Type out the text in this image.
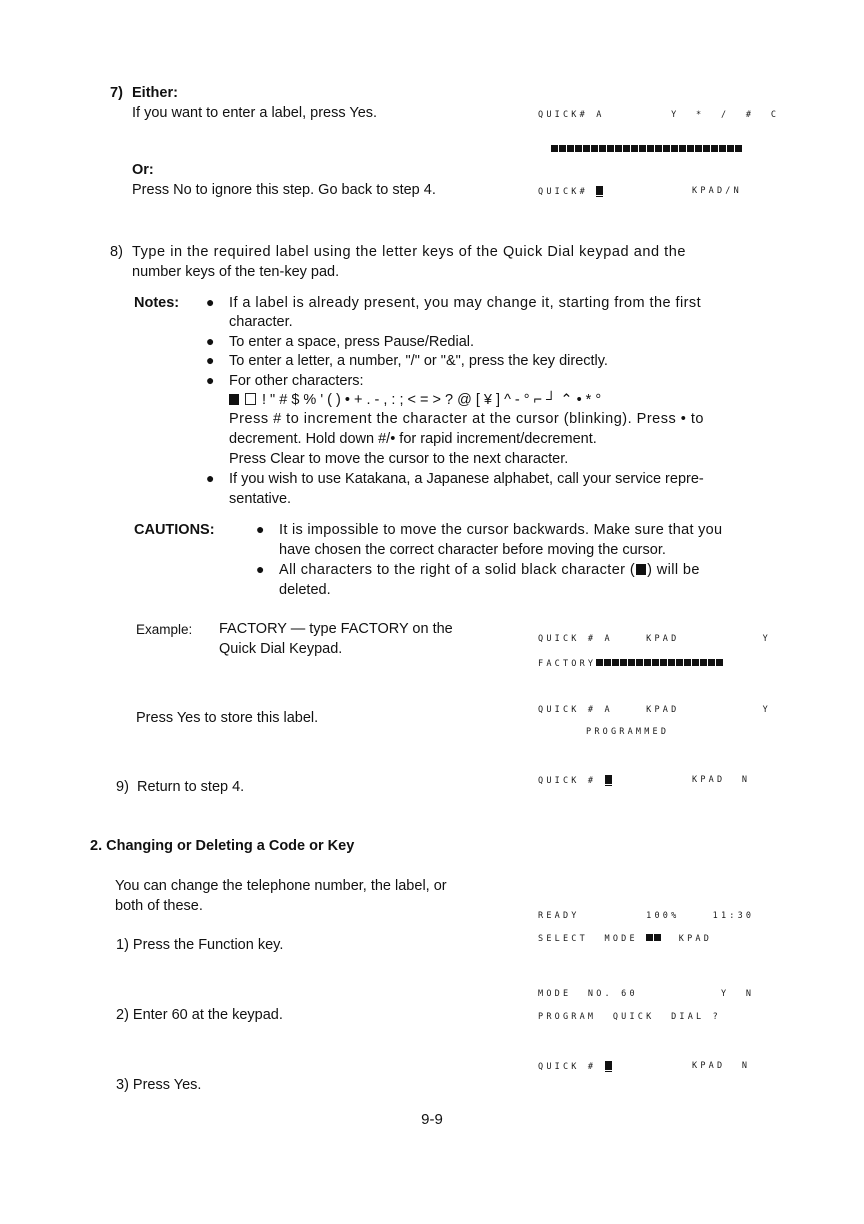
7) Either:
If you want to enter a label, press Yes.	QUICK# A        Y  *  /  #  C

Or:
Press No to ignore this step. Go back to step 4.	QUICK#	KPAD/N
8) Type in the required label using the letter keys of the Quick Dial keypad and the
number keys of the ten-key pad.
Notes: ● If a label is already present, you may change it, starting from the first
character.
● To enter a space, press Pause/Redial.
● To enter a letter, a number, "/" or "&", press the key directly.
● For other characters:
! " # $ % ' ( ) • + . - , : ; < = > ? @ [ ¥ ] ^ - ° ⌐ ┘ ⌃ • * °
Press # to increment the character at the cursor (blinking). Press • to
decrement. Hold down #/• for rapid increment/decrement.
Press Clear to move the cursor to the next character.
● If you wish to use Katakana, a Japanese alphabet, call your service repre-
sentative.
CAUTIONS:	● It is impossible to move the cursor backwards. Make sure that you
have chosen the correct character before moving the cursor.
● All characters to the right of a solid black character ( ) will be
deleted.
Example: FACTORY — type FACTORY on the
Quick Dial Keypad.
QUICK # A    KPAD          Y
FACTORY
Press Yes to store this label.	QUICK # A    KPAD          Y
PROGRAMMED
9) Return to step 4.	QUICK #	KPAD  N
2. Changing or Deleting a Code or Key
You can change the telephone number, the label, or
both of these.
READY        100%    11:30
SELECT  MODE	KPAD
1) Press the Function key.
MODE  NO. 60          Y  N
2) Enter 60 at the keypad.	PROGRAM  QUICK  DIAL ?
QUICK #	KPAD  N
3) Press Yes.
9-9
